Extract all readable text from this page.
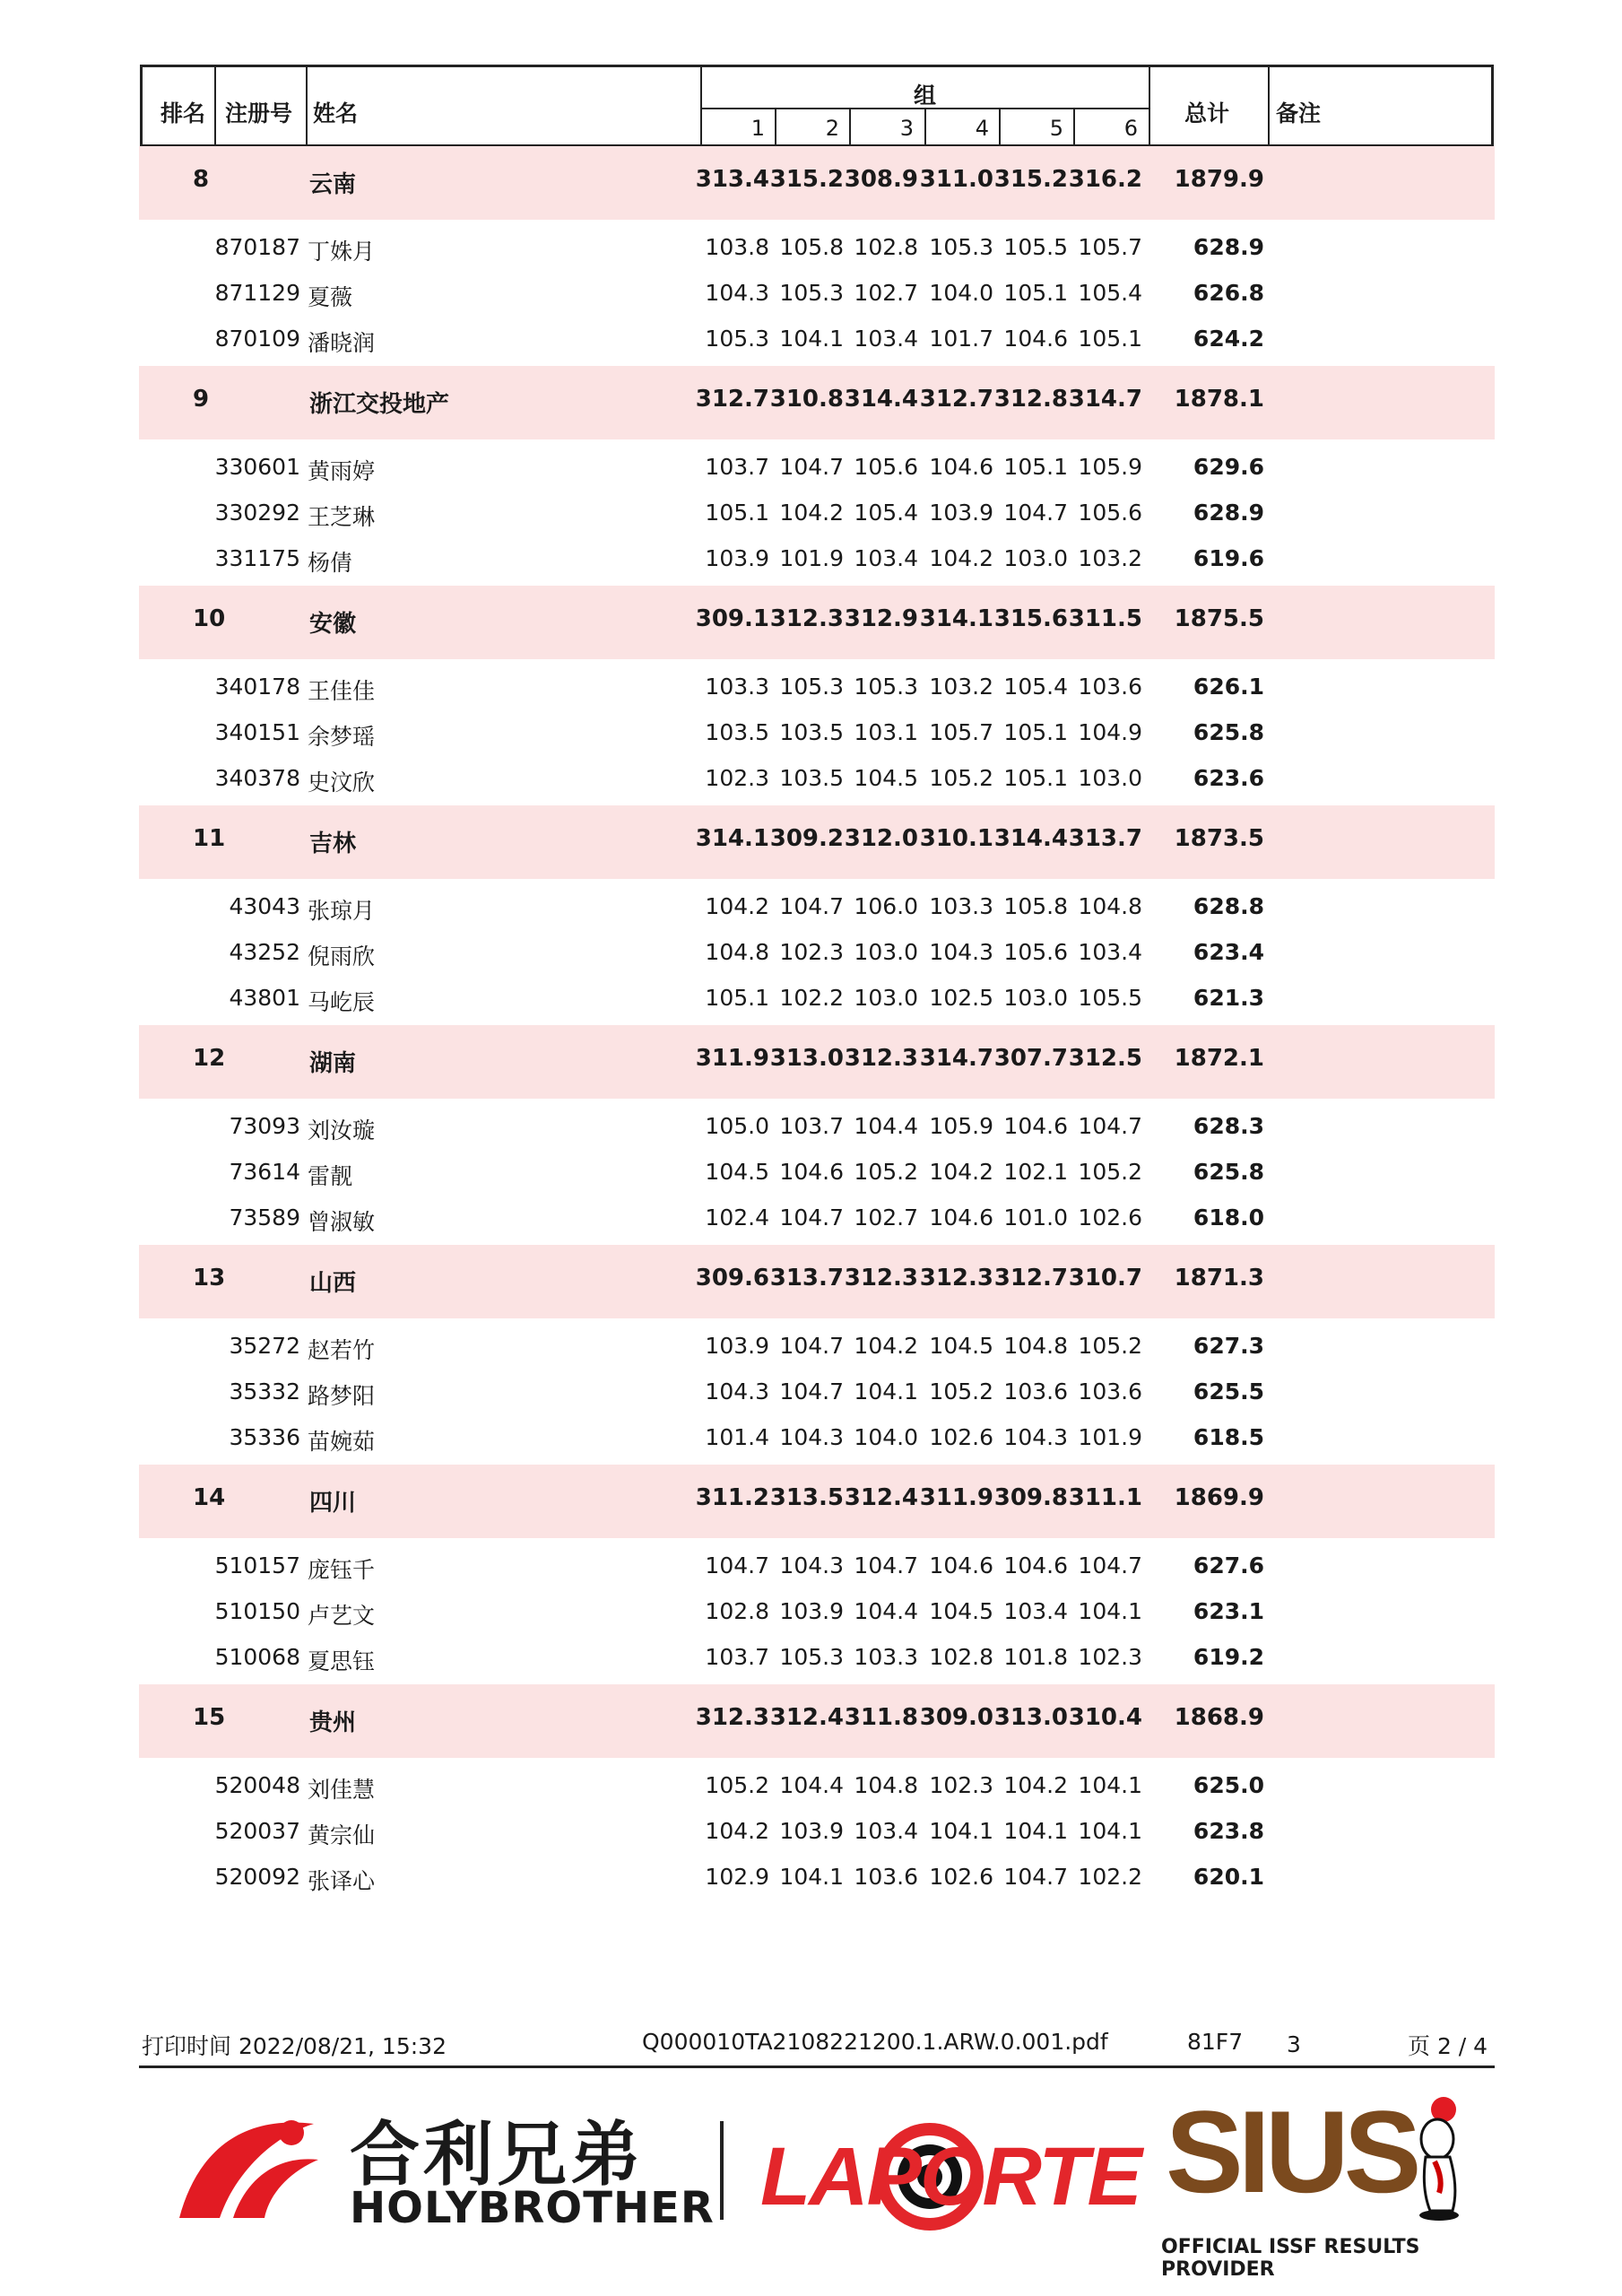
排名 注册号 姓名
组
1	2	3	4	5	6
总计 备注
8	云南	313.4 315.2 308.9 311.0 315.2 316.2 1879.9
870187 丁姝月	103.8 105.8 102.8 105.3 105.5 105.7 628.9
871129 夏薇	104.3 105.3 102.7 104.0 105.1 105.4 626.8
870109 潘晓润	105.3 104.1 103.4 101.7 104.6 105.1 624.2
9	浙江交投地产	312.7 310.8 314.4 312.7 312.8 314.7 1878.1
330601 黄雨婷	103.7 104.7 105.6 104.6 105.1 105.9 629.6
330292 王芝琳	105.1 104.2 105.4 103.9 104.7 105.6 628.9
331175 杨倩	103.9 101.9 103.4 104.2 103.0 103.2 619.6
10	安徽	309.1 312.3 312.9 314.1 315.6 311.5 1875.5
340178 王佳佳	103.3 105.3 105.3 103.2 105.4 103.6 626.1
340151 余梦瑶	103.5 103.5 103.1 105.7 105.1 104.9 625.8
340378 史汶欣	102.3 103.5 104.5 105.2 105.1 103.0 623.6
11	吉林	314.1 309.2 312.0 310.1 314.4 313.7 1873.5
43043 张琼月	104.2 104.7 106.0 103.3 105.8 104.8 628.8
43252 倪雨欣	104.8 102.3 103.0 104.3 105.6 103.4 623.4
43801 马屹辰	105.1 102.2 103.0 102.5 103.0 105.5 621.3
12	湖南	311.9 313.0 312.3 314.7 307.7 312.5 1872.1
73093 刘汝璇	105.0 103.7 104.4 105.9 104.6 104.7 628.3
73614 雷靓	104.5 104.6 105.2 104.2 102.1 105.2 625.8
73589 曾淑敏	102.4 104.7 102.7 104.6 101.0 102.6 618.0
13	山西	309.6 313.7 312.3 312.3 312.7 310.7 1871.3
35272 赵若竹	103.9 104.7 104.2 104.5 104.8 105.2 627.3
35332 路梦阳	104.3 104.7 104.1 105.2 103.6 103.6 625.5
35336 苗婉茹	101.4 104.3 104.0 102.6 104.3 101.9 618.5
14	四川	311.2 313.5 312.4 311.9 309.8 311.1 1869.9
510157 庞钰千	104.7 104.3 104.7 104.6 104.6 104.7 627.6
510150 卢艺文	102.8 103.9 104.4 104.5 103.4 104.1 623.1
510068 夏思钰	103.7 105.3 103.3 102.8 101.8 102.3 619.2
15	贵州	312.3 312.4 311.8 309.0 313.0 310.4 1868.9
520048 刘佳慧	105.2 104.4 104.8 102.3 104.2 104.1 625.0
520037 黄宗仙	104.2 103.9 103.4 104.1 104.1 104.1 623.8
520092 张译心	102.9 104.1 103.6 102.6 104.7 102.2 620.1
打印时间 2022/08/21, 15:32	Q000010TA2108221200.1.ARW.0.001.pdf	81F7 3	页 2 / 4
合利兄弟
HOLYBROTHER LAPORTE SIUS
OFFICIAL ISSF RESULTS PROVIDER
